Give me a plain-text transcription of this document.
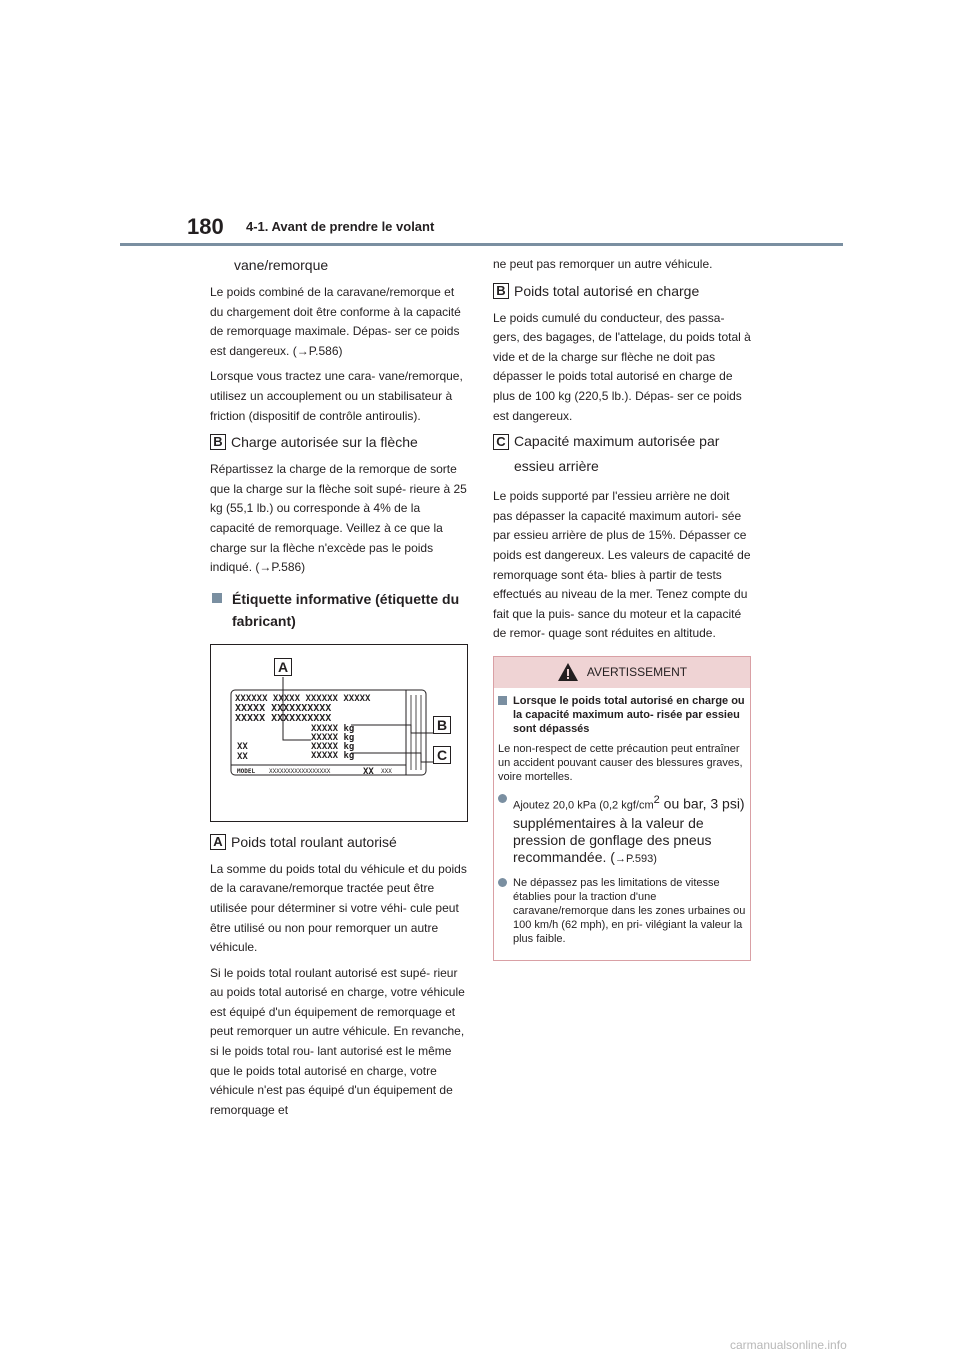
180 4-1. Avant de prendre le volant
vane/remorque

Le poids combiné de la caravane/remorque et du chargement doit être conforme à la capacité de remorquage maximale. Dépas- ser ce poids est dangereux. (→P.586)

Lorsque vous tractez une cara- vane/remorque, utilisez un accouplement ou un stabilisateur à friction (dispositif de contrôle antiroulis).

B Charge autorisée sur la flèche

Répartissez la charge de la remorque de sorte que la charge sur la flèche soit supé- rieure à 25 kg (55,1 lb.) ou corresponde à 4% de la capacité de remorquage. Veillez à ce que la charge sur la flèche n'excède pas le poids indiqué. (→P.586)

Étiquette informative (étiquette du fabricant)
XXXXXX XXXXX XXXXXX XXXXX
XXXXX XXXXXXXXXX
XXXXX XXXXXXXXXX
XXXXX kg
XXXXX kg
XXXXX kg
XXXXX kg
XX
XX
MODEL XXXXXXXXXXXXXXXXX	XX XXX
A
B
C
A Poids total roulant autorisé

La somme du poids total du véhicule et du poids de la caravane/remorque tractée peut être utilisée pour déterminer si votre véhi- cule peut être utilisé ou non pour remorquer un autre véhicule.

Si le poids total roulant autorisé est supé- rieur au poids total autorisé en charge, votre véhicule est équipé d'un équipement de remorquage et peut remorquer un autre véhicule. En revanche, si le poids total rou- lant autorisé est le même que le poids total autorisé en charge, votre véhicule n'est pas équipé d'un équipement de remorquage et

ne peut pas remorquer un autre véhicule.

B Poids total autorisé en charge

Le poids cumulé du conducteur, des passa- gers, des bagages, de l'attelage, du poids total à vide et de la charge sur flèche ne doit pas dépasser le poids total autorisé en charge de plus de 100 kg (220,5 lb.). Dépas- ser ce poids est dangereux.

C Capacité maximum autorisée par essieu arrière

Le poids supporté par l'essieu arrière ne doit pas dépasser la capacité maximum autori- sée par essieu arrière de plus de 15%. Dépasser ce poids est dangereux. Les valeurs de capacité de remorquage sont éta- blies à partir de tests effectués au niveau de la mer. Tenez compte du fait que la puis- sance du moteur et la capacité de remor- quage sont réduites en altitude.

AVERTISSEMENT
Lorsque le poids total autorisé en charge ou la capacité maximum auto- risée par essieu sont dépassés
Le non-respect de cette précaution peut entraîner un accident pouvant causer des blessures graves, voire mortelles.
Ajoutez 20,0 kPa (0,2 kgf/$cm^2$ ou bar, 3 psi) supplémentaires à la valeur de pression de gonflage des pneus recommandée. (→P.593)
Ne dépassez pas les limitations de vitesse établies pour la traction d'une caravane/remorque dans les zones urbaines ou 100 km/h (62 mph), en pri- vilégiant la valeur la plus faible.
carmanualsonline.info
